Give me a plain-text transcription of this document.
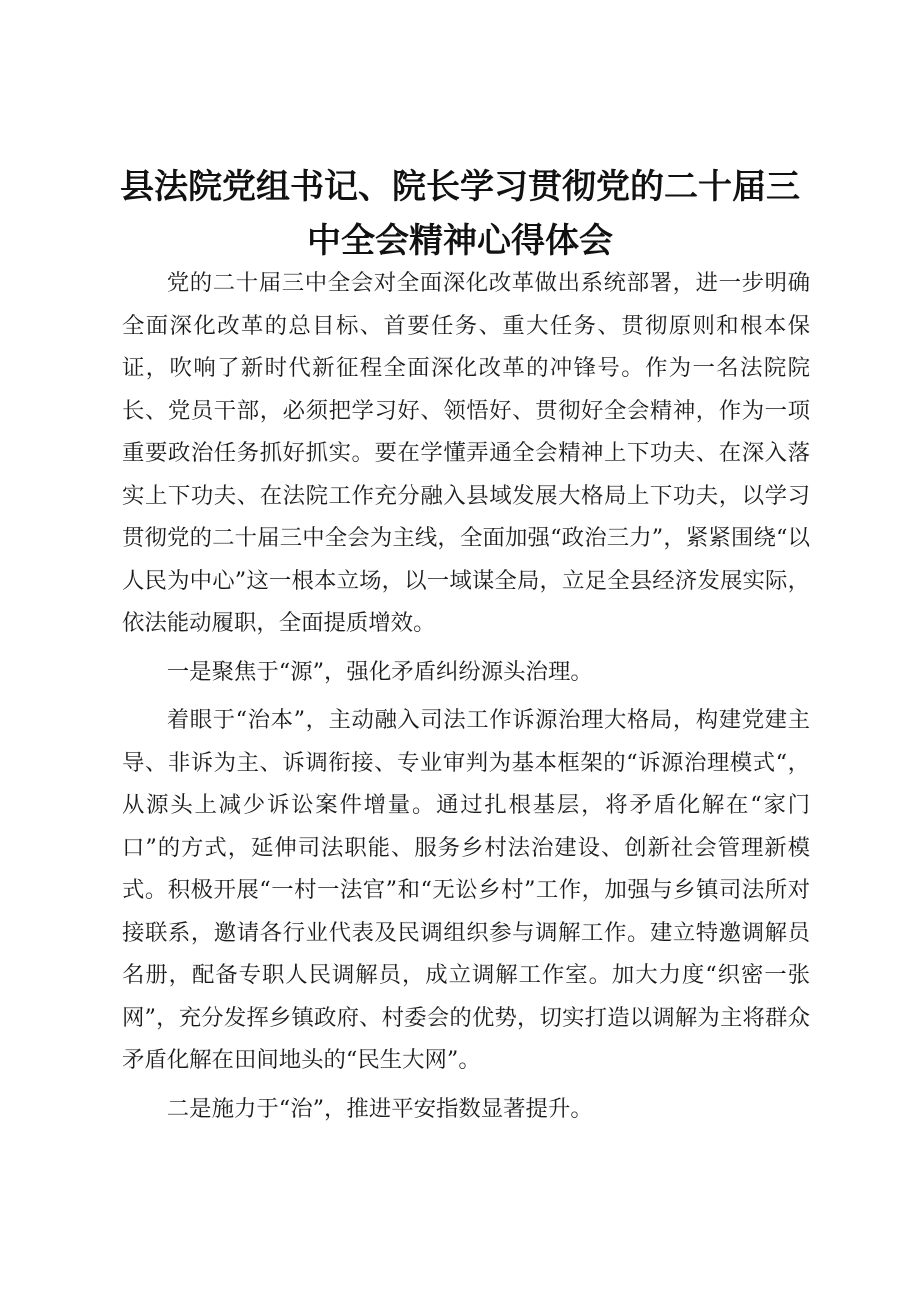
县法院党组书记、院长学习贯彻党的二十届三
中全会精神心得体会

党的二十届三中全会对全面深化改革做出系统部署，进一步明确全面深化改革的总目标、首要任务、重大任务、贯彻原则和根本保证，吹响了新时代新征程全面深化改革的冲锋号。作为一名法院院长、党员干部，必须把学习好、领悟好、贯彻好全会精神，作为一项重要政治任务抓好抓实。要在学懂弄通全会精神上下功夫、在深入落实上下功夫、在法院工作充分融入县域发展大格局上下功夫，以学习贯彻党的二十届三中全会为主线，全面加强“政治三力”，紧紧围绕“以人民为中心”这一根本立场，以一域谋全局，立足全县经济发展实际，依法能动履职，全面提质增效。

一是聚焦于“源”，强化矛盾纠纷源头治理。

着眼于“治本”，主动融入司法工作诉源治理大格局，构建党建主导、非诉为主、诉调衔接、专业审判为基本框架的“诉源治理模式“，从源头上减少诉讼案件增量。通过扎根基层，将矛盾化解在“家门口”的方式，延伸司法职能、服务乡村法治建设、创新社会管理新模式。积极开展“一村一法官”和“无讼乡村”工作，加强与乡镇司法所对接联系，邀请各行业代表及民调组织参与调解工作。建立特邀调解员名册，配备专职人民调解员，成立调解工作室。加大力度“织密一张网”，充分发挥乡镇政府、村委会的优势，切实打造以调解为主将群众矛盾化解在田间地头的“民生大网”。

二是施力于“治”，推进平安指数显著提升。
